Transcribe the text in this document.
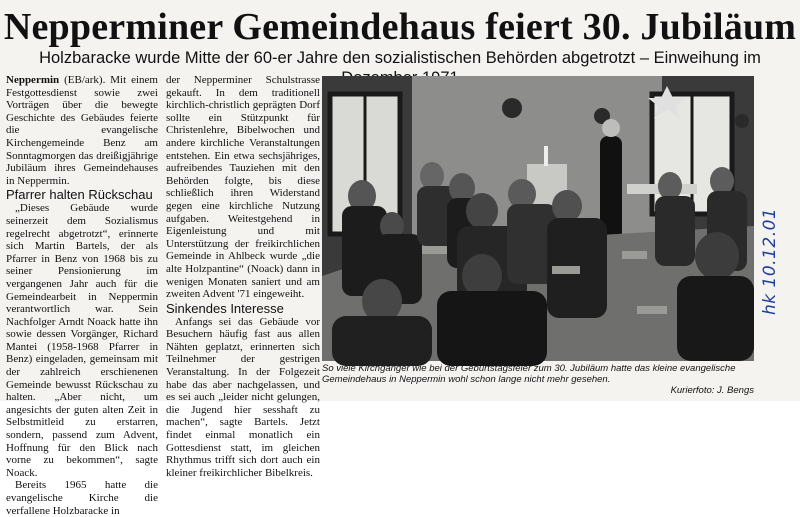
Nepperminer Gemeindehaus feiert 30. Jubiläum
Holzbaracke wurde Mitte der 60-er Jahre den sozialistischen Behörden abgetrotzt – Einweihung im

Neppermin (EB/ark). Mit einem Festgottesdienst sowie zwei Vorträgen über die bewegte Geschichte des Gebäudes feierte die evangelische Kirchengemeinde Benz am Sonntagmorgen das dreißigjährige Jubiläum ihres Gemeindehauses in Neppermin.

Pfarrer halten Rückschau

„Dieses Gebäude wurde seinerzeit dem Sozialismus regelrecht abgetrotzt“, erinnerte sich Martin Bartels, der als Pfarrer in Benz von 1968 bis zu seiner Pensionierung im vergangenen Jahr auch für die Gemeindearbeit in Neppermin verantwortlich war. Sein Nachfolger Arndt Noack hatte ihn sowie dessen Vorgänger, Richard Mantei (1958-1968 Pfarrer in Benz) eingeladen, gemeinsam mit der zahlreich erschienenen Gemeinde bewusst Rückschau zu halten. „Aber nicht, um angesichts der guten alten Zeit in Selbstmitleid zu erstarren, sondern, passend zum Advent, Hoffnung für den Blick nach vorne zu bekommen“, sagte Noack.

Bereits 1965 hatte die evangelische Kirche die verfallene Holzbaracke in

der Nepperminer Schulstrasse gekauft. In dem traditionell kirchlich-christlich geprägten Dorf sollte ein Stützpunkt für Christenlehre, Bibelwochen und andere kirchliche Veranstaltungen entstehen. Ein etwa sechsjähriges, aufreibendes Tauziehen mit den Behörden folgte, bis diese schließlich ihren Widerstand gegen eine kirchliche Nutzung aufgaben. Weitestgehend in Eigenleistung und mit Unterstützung der freikirchlichen Gemeinde in Ahlbeck wurde „die alte Holzpantine“ (Noack) dann in wenigen Monaten saniert und am zweiten Advent '71 eingeweiht.

Sinkendes Interesse

Anfangs sei das Gebäude vor Besuchern häufig fast aus allen Nähten geplatzt, erinnerten sich Teilnehmer der gestrigen Veranstaltung. In der Folgezeit habe das aber nachgelassen, und es sei auch „leider nicht gelungen, die Jugend hier sesshaft zu machen“, sagte Bartels. Jetzt findet einmal monatlich ein Gottesdienst statt, im gleichen Rhythmus trifft sich dort auch ein kleiner freikirchlicher Bibelkreis.

So viele Kirchgänger wie bei der Geburtstagsfeier zum 30. Jubiläum hatte das kleine evangelische Gemeindehaus in Neppermin wohl schon lange nicht mehr gesehen.
Kurierfoto: J. Bengs
hk 10.12.01
